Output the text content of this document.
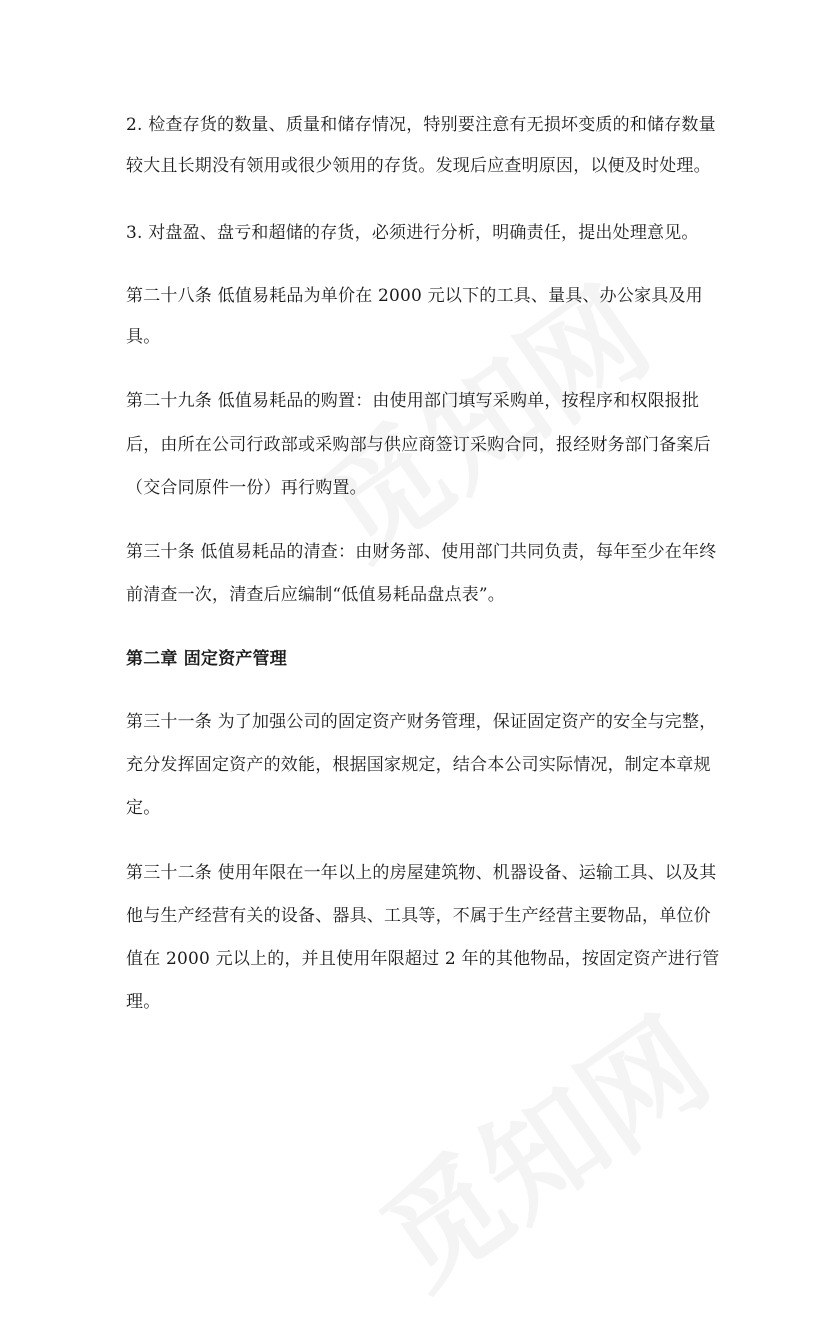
2. 检查存货的数量、质量和储存情况，特别要注意有无损坏变质的和储存数量
较大且长期没有领用或很少领用的存货。发现后应查明原因，以便及时处理。
3. 对盘盈、盘亏和超储的存货，必须进行分析，明确责任，提出处理意见。
第二十八条 低值易耗品为单价在 2000 元以下的工具、量具、办公家具及用
具。
第二十九条 低值易耗品的购置：由使用部门填写采购单，按程序和权限报批
后，由所在公司行政部或采购部与供应商签订采购合同，报经财务部门备案后
（交合同原件一份）再行购置。
第三十条 低值易耗品的清查：由财务部、使用部门共同负责，每年至少在年终
前清查一次，清查后应编制“低值易耗品盘点表”。
第二章 固定资产管理
第三十一条 为了加强公司的固定资产财务管理，保证固定资产的安全与完整，
充分发挥固定资产的效能，根据国家规定，结合本公司实际情况，制定本章规
定。
第三十二条 使用年限在一年以上的房屋建筑物、机器设备、运输工具、以及其
他与生产经营有关的设备、器具、工具等，不属于生产经营主要物品，单位价
值在 2000 元以上的，并且使用年限超过 2 年的其他物品，按固定资产进行管
理。
